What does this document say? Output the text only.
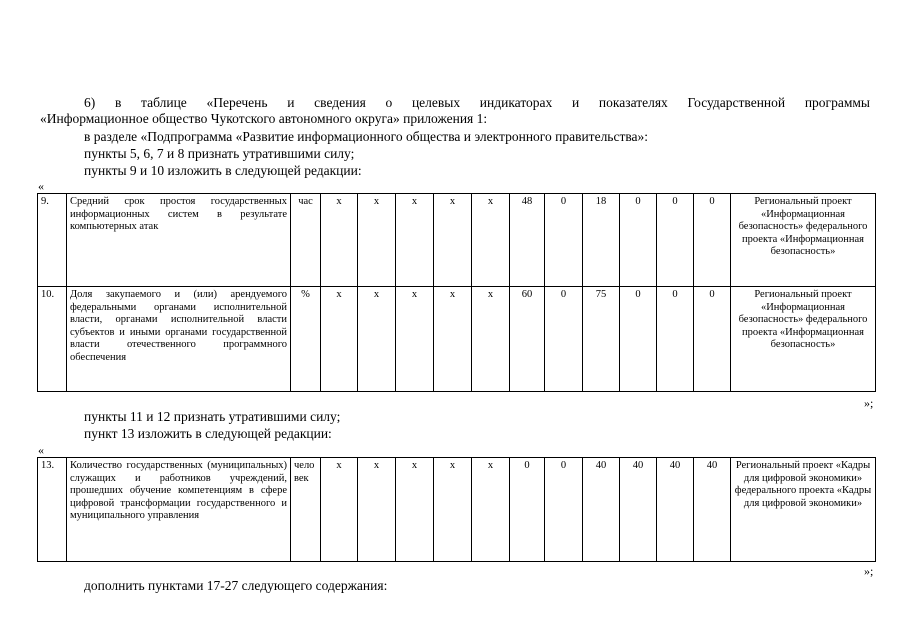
6) в таблице «Перечень и сведения о целевых индикаторах и показателях Государственной программы
«Информационное общество Чукотского автономного округа» приложения 1:
в разделе «Подпрограмма «Развитие информационного общества и электронного правительства»:
пункты 5, 6, 7 и 8 признать утратившими силу;
пункты 9 и 10 изложить в следующей редакции:
«
9.	Средний срок простоя государственных информационных систем в результате компьютерных атак	час	х	х	х	х	х	48	0	18	0	0	0	Региональный проект «Информационная безопасность» федерального проекта «Информационная безопасность»
10.	Доля закупаемого и (или) арендуемого федеральными органами исполнительной власти, органами исполнительной власти субъектов и иными органами государственной власти отечественного программного обеспечения	%	х	х	х	х	х	60	0	75	0	0	0	Региональный проект «Информационная безопасность» федерального проекта «Информационная безопасность»
»;
пункты 11 и 12 признать утратившими силу;
пункт 13 изложить в следующей редакции:
«
13.	Количество государственных (муниципальных) служащих и работников учреждений, прошедших обучение компетенциям в сфере цифровой трансформации государственного и муниципального управления	чело век	х	х	х	х	х	0	0	40	40	40	40	Региональный проект «Кадры для цифровой экономики» федерального проекта «Кадры для цифровой экономики»
»;
дополнить пунктами 17-27 следующего содержания:
